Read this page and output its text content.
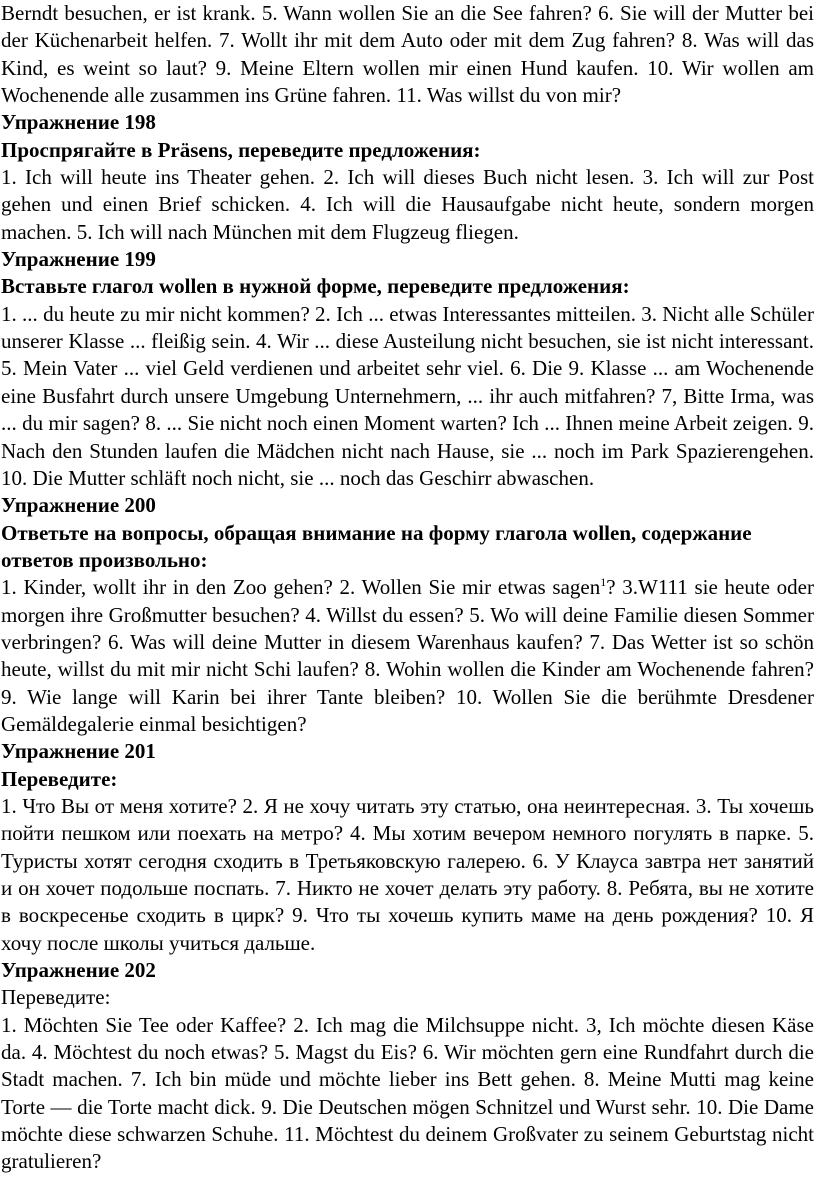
Berndt besuchen, er ist krank. 5. Wann wollen Sie an die See fahren? 6. Sie will der Mutter bei der Küchenarbeit helfen. 7. Wollt ihr mit dem Auto oder mit dem Zug fahren? 8. Was will das Kind, es weint so laut? 9. Meine Eltern wollen mir einen Hund kaufen. 10. Wir wollen am Wochenende alle zusammen ins Grüne fahren. 11. Was willst du von mir?

Упражнение 198

Проспрягайте в Präsens, переведите предложения:

1. Ich will heute ins Theater gehen. 2. Ich will dieses Buch nicht lesen. 3. Ich will zur Post gehen und einen Brief schicken. 4. Ich will die Hausaufgabe nicht heute, sondern morgen machen. 5. Ich will nach München mit dem Flugzeug fliegen.

Упражнение 199

Вставьте глагол wollen в нужной форме, переведите предложения:

1. ... du heute zu mir nicht kommen? 2. Ich ... etwas Interessantes mitteilen. 3. Nicht alle Schüler unserer Klasse ... fleißig sein. 4. Wir ... diese Austeilung nicht besuchen, sie ist nicht interessant. 5. Mein Vater ... viel Geld verdienen und arbeitet sehr viel. 6. Die 9. Klasse ... am Wochenende eine Busfahrt durch unsere Umgebung Unternehmern, ... ihr auch mitfahren? 7, Bitte Irma, was ... du mir sagen? 8. ... Sie nicht noch einen Moment warten? Ich ... Ihnen meine Arbeit zeigen. 9. Nach den Stunden laufen die Mädchen nicht nach Hause, sie ... noch im Park Spazierengehen. 10. Die Mutter schläft noch nicht, sie ... noch das Geschirr abwaschen.

Упражнение 200

Ответьте на вопросы, обращая внимание на форму глагола wollen, содержание ответов произвольно:

1. Kinder, wollt ihr in den Zoo gehen? 2. Wollen Sie mir etwas sagen$^1$? 3.W111 sie heute oder morgen ihre Großmutter besuchen? 4. Willst du essen? 5. Wo will deine Familie diesen Sommer verbringen? 6. Was will deine Mutter in diesem Warenhaus kaufen? 7. Das Wetter ist so schön heute, willst du mit mir nicht Schi laufen? 8. Wohin wollen die Kinder am Wochenende fahren? 9. Wie lange will Karin bei ihrer Tante bleiben? 10. Wollen Sie die berühmte Dresdener Gemäldegalerie einmal besichtigen?

Упражнение 201

Переведите:

1. Что Вы от меня хотите? 2. Я не хочу читать эту статью, она неинтересная. 3. Ты хочешь пойти пешком или поехать на метро? 4. Мы хотим вечером немного погулять в парке. 5. Туристы хотят сегодня сходить в Третьяковскую галерею. 6. У Клауса завтра нет занятий и он хочет подольше поспать. 7. Никто не хочет делать эту работу. 8. Ребята, вы не хотите в воскресенье сходить в цирк? 9. Что ты хочешь купить маме на день рождения? 10. Я хочу после школы учиться дальше.

Упражнение 202

Переведите:

1. Möchten Sie Tee oder Kaffee? 2. Ich mag die Milchsuppe nicht. 3, Ich möchte diesen Käse da. 4. Möchtest du noch etwas? 5. Magst du Eis? 6. Wir möchten gern eine Rundfahrt durch die Stadt machen. 7. Ich bin müde und möchte lieber ins Bett gehen. 8. Meine Mutti mag keine Torte — die Torte macht dick. 9. Die Deutschen mögen Schnitzel und Wurst sehr. 10. Die Dame möchte diese schwarzen Schuhe. 11. Möchtest du deinem Großvater zu seinem Geburtstag nicht gratulieren?
